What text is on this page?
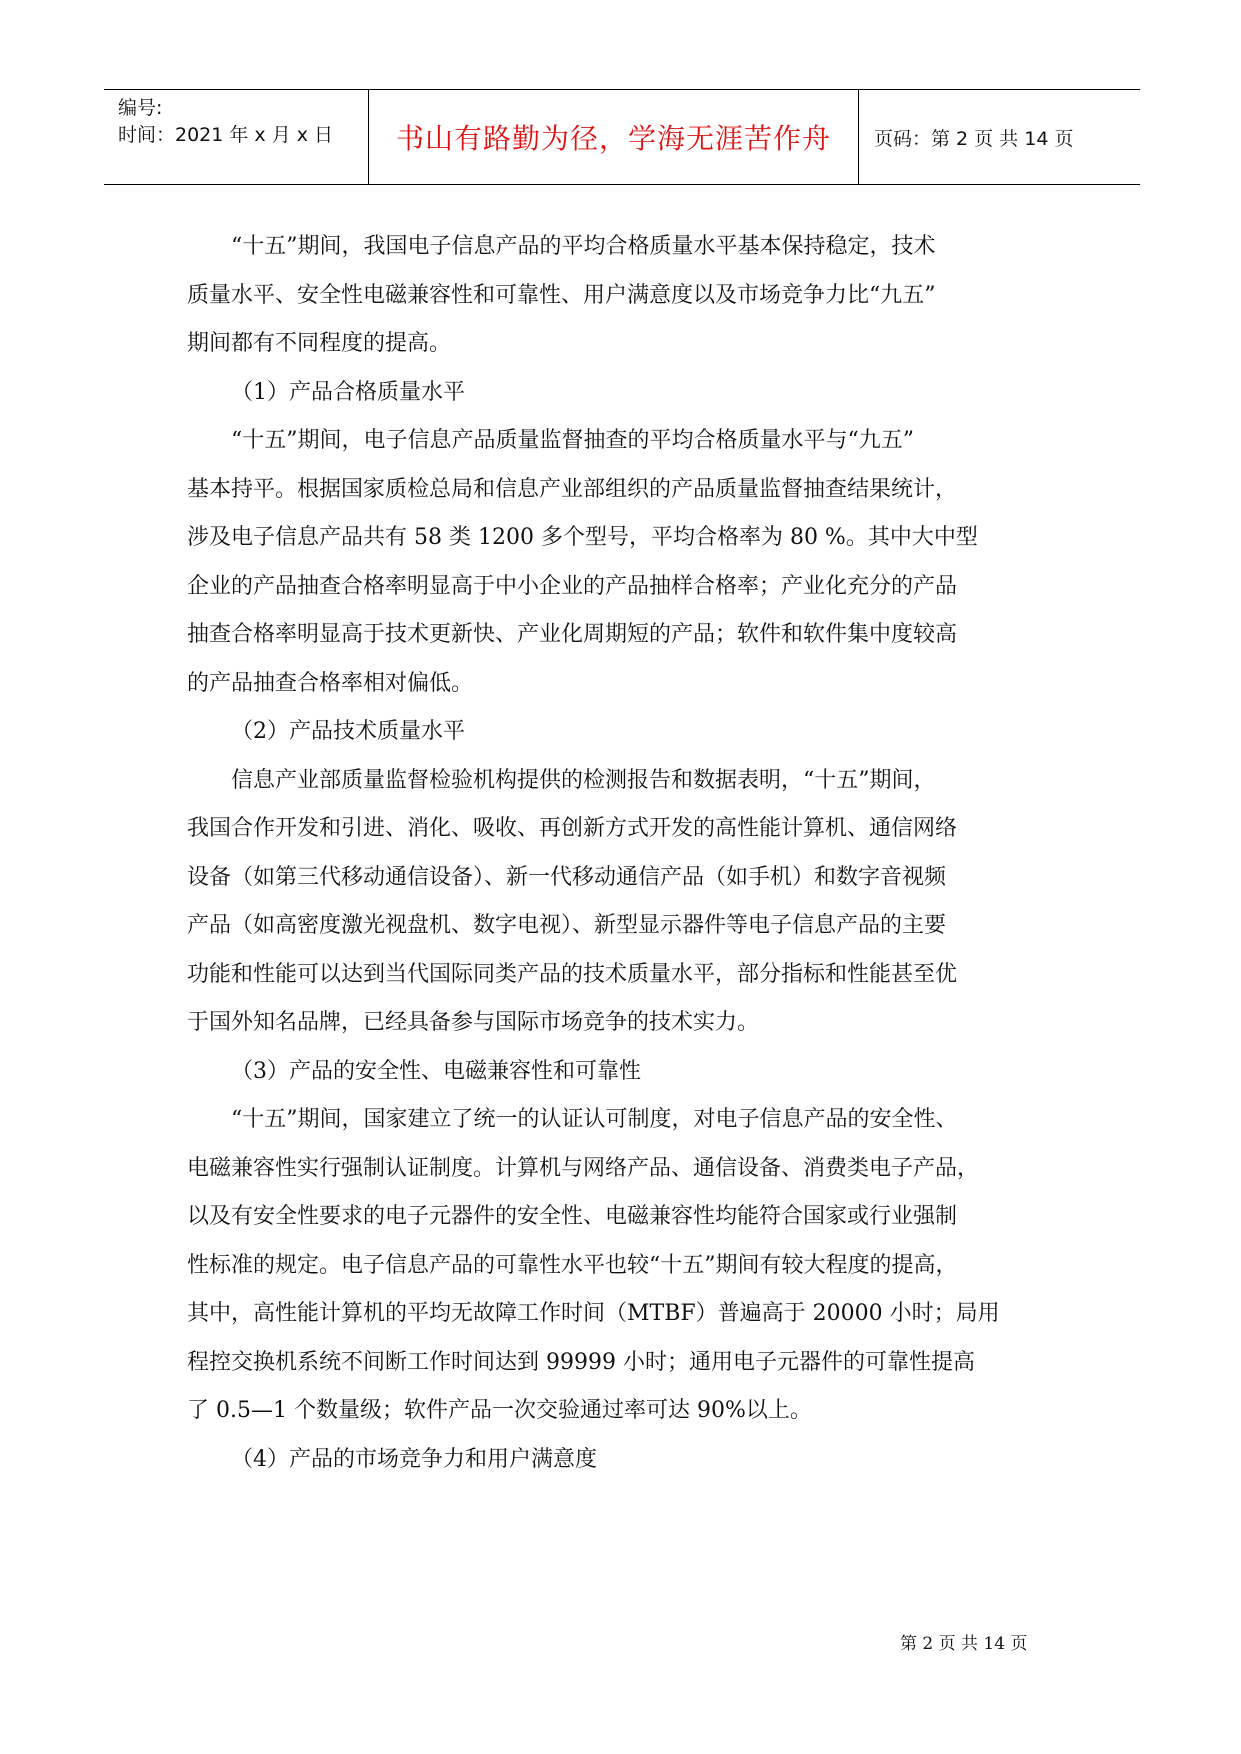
编号:
时间：2021 年 x 月 x 日	书山有路勤为径，学海无涯苦作舟	页码：第 2 页 共 14 页
“十五”期间，我国电子信息产品的平均合格质量水平基本保持稳定，技术
质量水平、安全性电磁兼容性和可靠性、用户满意度以及市场竞争力比“九五”
期间都有不同程度的提高。
（1）产品合格质量水平
“十五”期间，电子信息产品质量监督抽查的平均合格质量水平与“九五”
基本持平。根据国家质检总局和信息产业部组织的产品质量监督抽查结果统计，
涉及电子信息产品共有 58 类 1200 多个型号，平均合格率为 80 %。其中大中型
企业的产品抽查合格率明显高于中小企业的产品抽样合格率；产业化充分的产品
抽查合格率明显高于技术更新快、产业化周期短的产品；软件和软件集中度较高
的产品抽查合格率相对偏低。
（2）产品技术质量水平
信息产业部质量监督检验机构提供的检测报告和数据表明，“十五”期间，
我国合作开发和引进、消化、吸收、再创新方式开发的高性能计算机、通信网络
设备（如第三代移动通信设备）、新一代移动通信产品（如手机）和数字音视频
产品（如高密度激光视盘机、数字电视）、新型显示器件等电子信息产品的主要
功能和性能可以达到当代国际同类产品的技术质量水平，部分指标和性能甚至优
于国外知名品牌，已经具备参与国际市场竞争的技术实力。
（3）产品的安全性、电磁兼容性和可靠性
“十五”期间，国家建立了统一的认证认可制度，对电子信息产品的安全性、
电磁兼容性实行强制认证制度。计算机与网络产品、通信设备、消费类电子产品，
以及有安全性要求的电子元器件的安全性、电磁兼容性均能符合国家或行业强制
性标准的规定。电子信息产品的可靠性水平也较“十五”期间有较大程度的提高，
其中，高性能计算机的平均无故障工作时间（MTBF）普遍高于 20000 小时；局用
程控交换机系统不间断工作时间达到 99999 小时；通用电子元器件的可靠性提高
了 0.5—1 个数量级；软件产品一次交验通过率可达 90%以上。
（4）产品的市场竞争力和用户满意度
第 2 页 共 14 页
